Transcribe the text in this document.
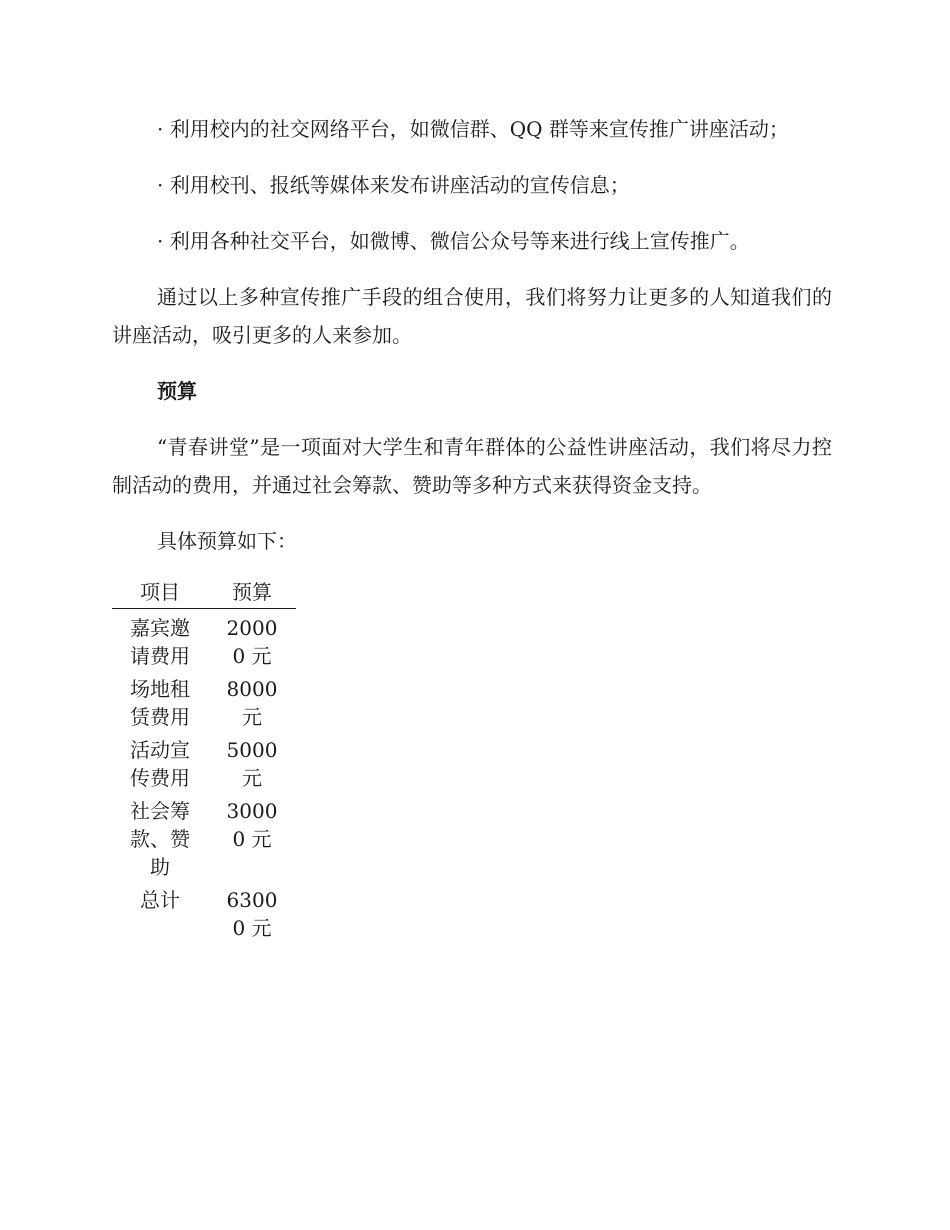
· 利用校内的社交网络平台，如微信群、QQ 群等来宣传推广讲座活动；

· 利用校刊、报纸等媒体来发布讲座活动的宣传信息；

· 利用各种社交平台，如微博、微信公众号等来进行线上宣传推广。

通过以上多种宣传推广手段的组合使用，我们将努力让更多的人知道我们的讲座活动，吸引更多的人来参加。

预算

“青春讲堂”是一项面对大学生和青年群体的公益性讲座活动，我们将尽力控制活动的费用，并通过社会筹款、赞助等多种方式来获得资金支持。

具体预算如下：

项目	预算

嘉宾邀请费用	20000 元

场地租赁费用	8000 元

活动宣传费用	5000 元

社会筹款、赞助	30000 元

总计	63000 元
